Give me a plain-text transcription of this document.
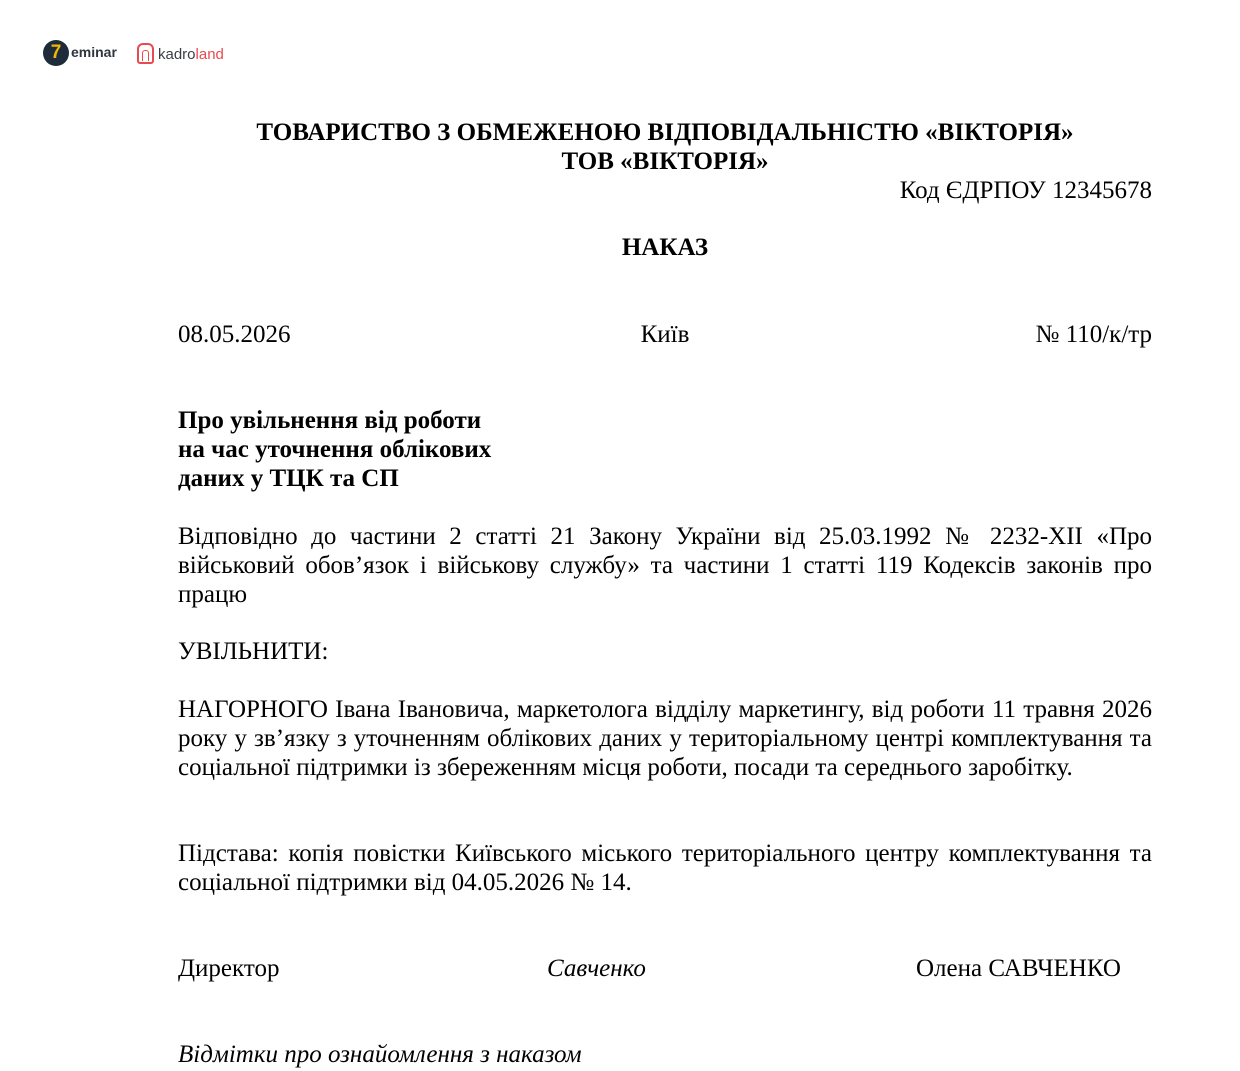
7 eminar	kadroland
ТОВАРИСТВО З ОБМЕЖЕНОЮ ВІДПОВІДАЛЬНІСТЮ «ВІКТОРІЯ»
ТОВ «ВІКТОРІЯ»
Код ЄДРПОУ 12345678
НАКАЗ
08.05.2026	Київ	№ 110/к/тр
Про увільнення від роботи
на час уточнення облікових
даних у ТЦК та СП
Відповідно до частини 2 статті 21 Закону України від 25.03.1992 № 2232-XII «Про
військовий обов’язок і військову службу» та частини 1 статті 119 Кодексів законів про
працю
УВІЛЬНИТИ:
НАГОРНОГО Івана Івановича, маркетолога відділу маркетингу, від роботи 11 травня 2026
року у зв’язку з уточненням облікових даних у територіальному центрі комплектування та
соціальної підтримки із збереженням місця роботи, посади та середнього заробітку.
Підстава: копія повістки Київського міського територіального центру комплектування та
соціальної підтримки від 04.05.2026 № 14.
Директор	Савченко	Олена САВЧЕНКО
Відмітки про ознайомлення з наказом
